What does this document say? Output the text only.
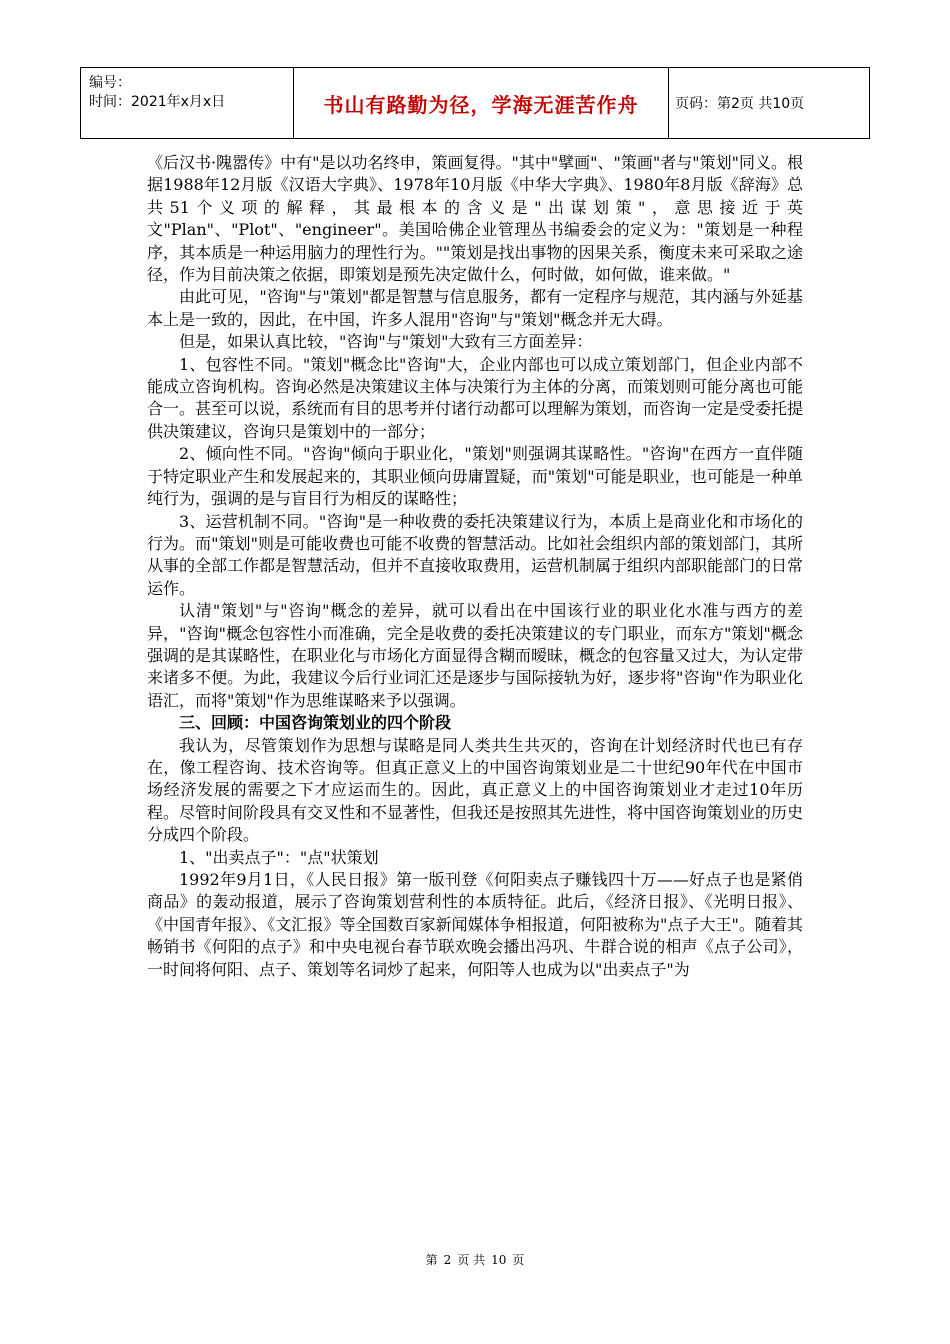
编号：
时间：2021年x月x日	书山有路勤为径，学海无涯苦作舟	页码：第2页 共10页

《后汉书·隗嚣传》中有"是以功名终申，策画复得。"其中"擘画"、"策画"者与"策划"同义。根据1988年12月版《汉语大字典》、1978年10月版《中华大字典》、1980年8月版《辞海》总共51个义项的解释，其最根本的含义是"出谋划策"，意思接近于英文"Plan"、"Plot"、"engineer"。美国哈佛企业管理丛书编委会的定义为："策划是一种程序，其本质是一种运用脑力的理性行为。""策划是找出事物的因果关系，衡度未来可采取之途径，作为目前决策之依据，即策划是预先决定做什么，何时做，如何做，谁来做。"

由此可见，"咨询"与"策划"都是智慧与信息服务，都有一定程序与规范，其内涵与外延基本上是一致的，因此，在中国，许多人混用"咨询"与"策划"概念并无大碍。

但是，如果认真比较，"咨询"与"策划"大致有三方面差异：

1、包容性不同。"策划"概念比"咨询"大，企业内部也可以成立策划部门，但企业内部不能成立咨询机构。咨询必然是决策建议主体与决策行为主体的分离，而策划则可能分离也可能合一。甚至可以说，系统而有目的思考并付诸行动都可以理解为策划，而咨询一定是受委托提供决策建议，咨询只是策划中的一部分；

2、倾向性不同。"咨询"倾向于职业化，"策划"则强调其谋略性。"咨询"在西方一直伴随于特定职业产生和发展起来的，其职业倾向毋庸置疑，而"策划"可能是职业，也可能是一种单纯行为，强调的是与盲目行为相反的谋略性；

3、运营机制不同。"咨询"是一种收费的委托决策建议行为，本质上是商业化和市场化的行为。而"策划"则是可能收费也可能不收费的智慧活动。比如社会组织内部的策划部门，其所从事的全部工作都是智慧活动，但并不直接收取费用，运营机制属于组织内部职能部门的日常运作。

认清"策划"与"咨询"概念的差异，就可以看出在中国该行业的职业化水准与西方的差异，"咨询"概念包容性小而准确，完全是收费的委托决策建议的专门职业，而东方"策划"概念强调的是其谋略性，在职业化与市场化方面显得含糊而暧昧，概念的包容量又过大，为认定带来诸多不便。为此，我建议今后行业词汇还是逐步与国际接轨为好，逐步将"咨询"作为职业化语汇，而将"策划"作为思维谋略来予以强调。

三、回顾：中国咨询策划业的四个阶段

我认为，尽管策划作为思想与谋略是同人类共生共灭的，咨询在计划经济时代也已有存在，像工程咨询、技术咨询等。但真正意义上的中国咨询策划业是二十世纪90年代在中国市场经济发展的需要之下才应运而生的。因此，真正意义上的中国咨询策划业才走过10年历程。尽管时间阶段具有交叉性和不显著性，但我还是按照其先进性，将中国咨询策划业的历史分成四个阶段。

1、"出卖点子"："点"状策划

1992年9月1日，《人民日报》第一版刊登《何阳卖点子赚钱四十万——好点子也是紧俏商品》的轰动报道，展示了咨询策划营利性的本质特征。此后，《经济日报》、《光明日报》、《中国青年报》、《文汇报》等全国数百家新闻媒体争相报道，何阳被称为"点子大王"。随着其畅销书《何阳的点子》和中央电视台春节联欢晚会播出冯巩、牛群合说的相声《点子公司》，一时间将何阳、点子、策划等名词炒了起来，何阳等人也成为以"出卖点子"为

第 2 页 共 10 页
